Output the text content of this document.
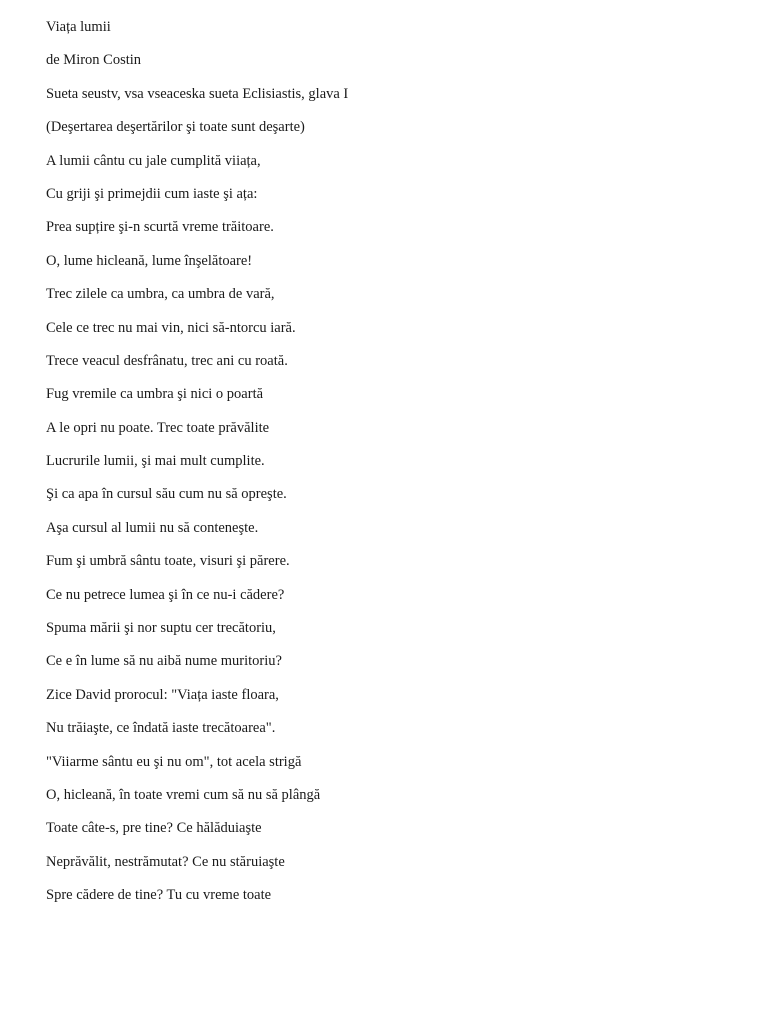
Viața lumii
de Miron Costin
Sueta seustv, vsa vseaceska sueta Eclisiastis, glava I
(Deşertarea deşertărilor şi toate sunt deşarte)
A lumii cântu cu jale cumplită viiața,
Cu griji şi primejdii cum iaste şi ața:
Prea supțire şi-n scurtă vreme trăitoare.
O, lume hicleană, lume înşelătoare!
Trec zilele ca umbra, ca umbra de vară,
Cele ce trec nu mai vin, nici să-ntorcu iară.
Trece veacul desfrânatu, trec ani cu roată.
Fug vremile ca umbra şi nici o poartă
A le opri nu poate. Trec toate prăvălite
Lucrurile lumii, şi mai mult cumplite.
Şi ca apa în cursul său cum nu să opreşte.
Aşa cursul al lumii nu să conteneşte.
Fum şi umbră sântu toate, visuri şi părere.
Ce nu petrece lumea şi în ce nu-i cădere?
Spuma mării şi nor suptu cer trecătoriu,
Ce e în lume să nu aibă nume muritoriu?
Zice David prorocul: "Viața iaste floara,
Nu trăiaşte, ce îndată iaste trecătoarea".
"Viiarme sântu eu şi nu om", tot acela strigă
O, hicleană, în toate vremi cum să nu să plângă
Toate câte-s, pre tine? Ce hălăduiaşte
Neprăvălit, nestrămutat? Ce nu stăruiaşte
Spre cădere de tine? Tu cu vreme toate
